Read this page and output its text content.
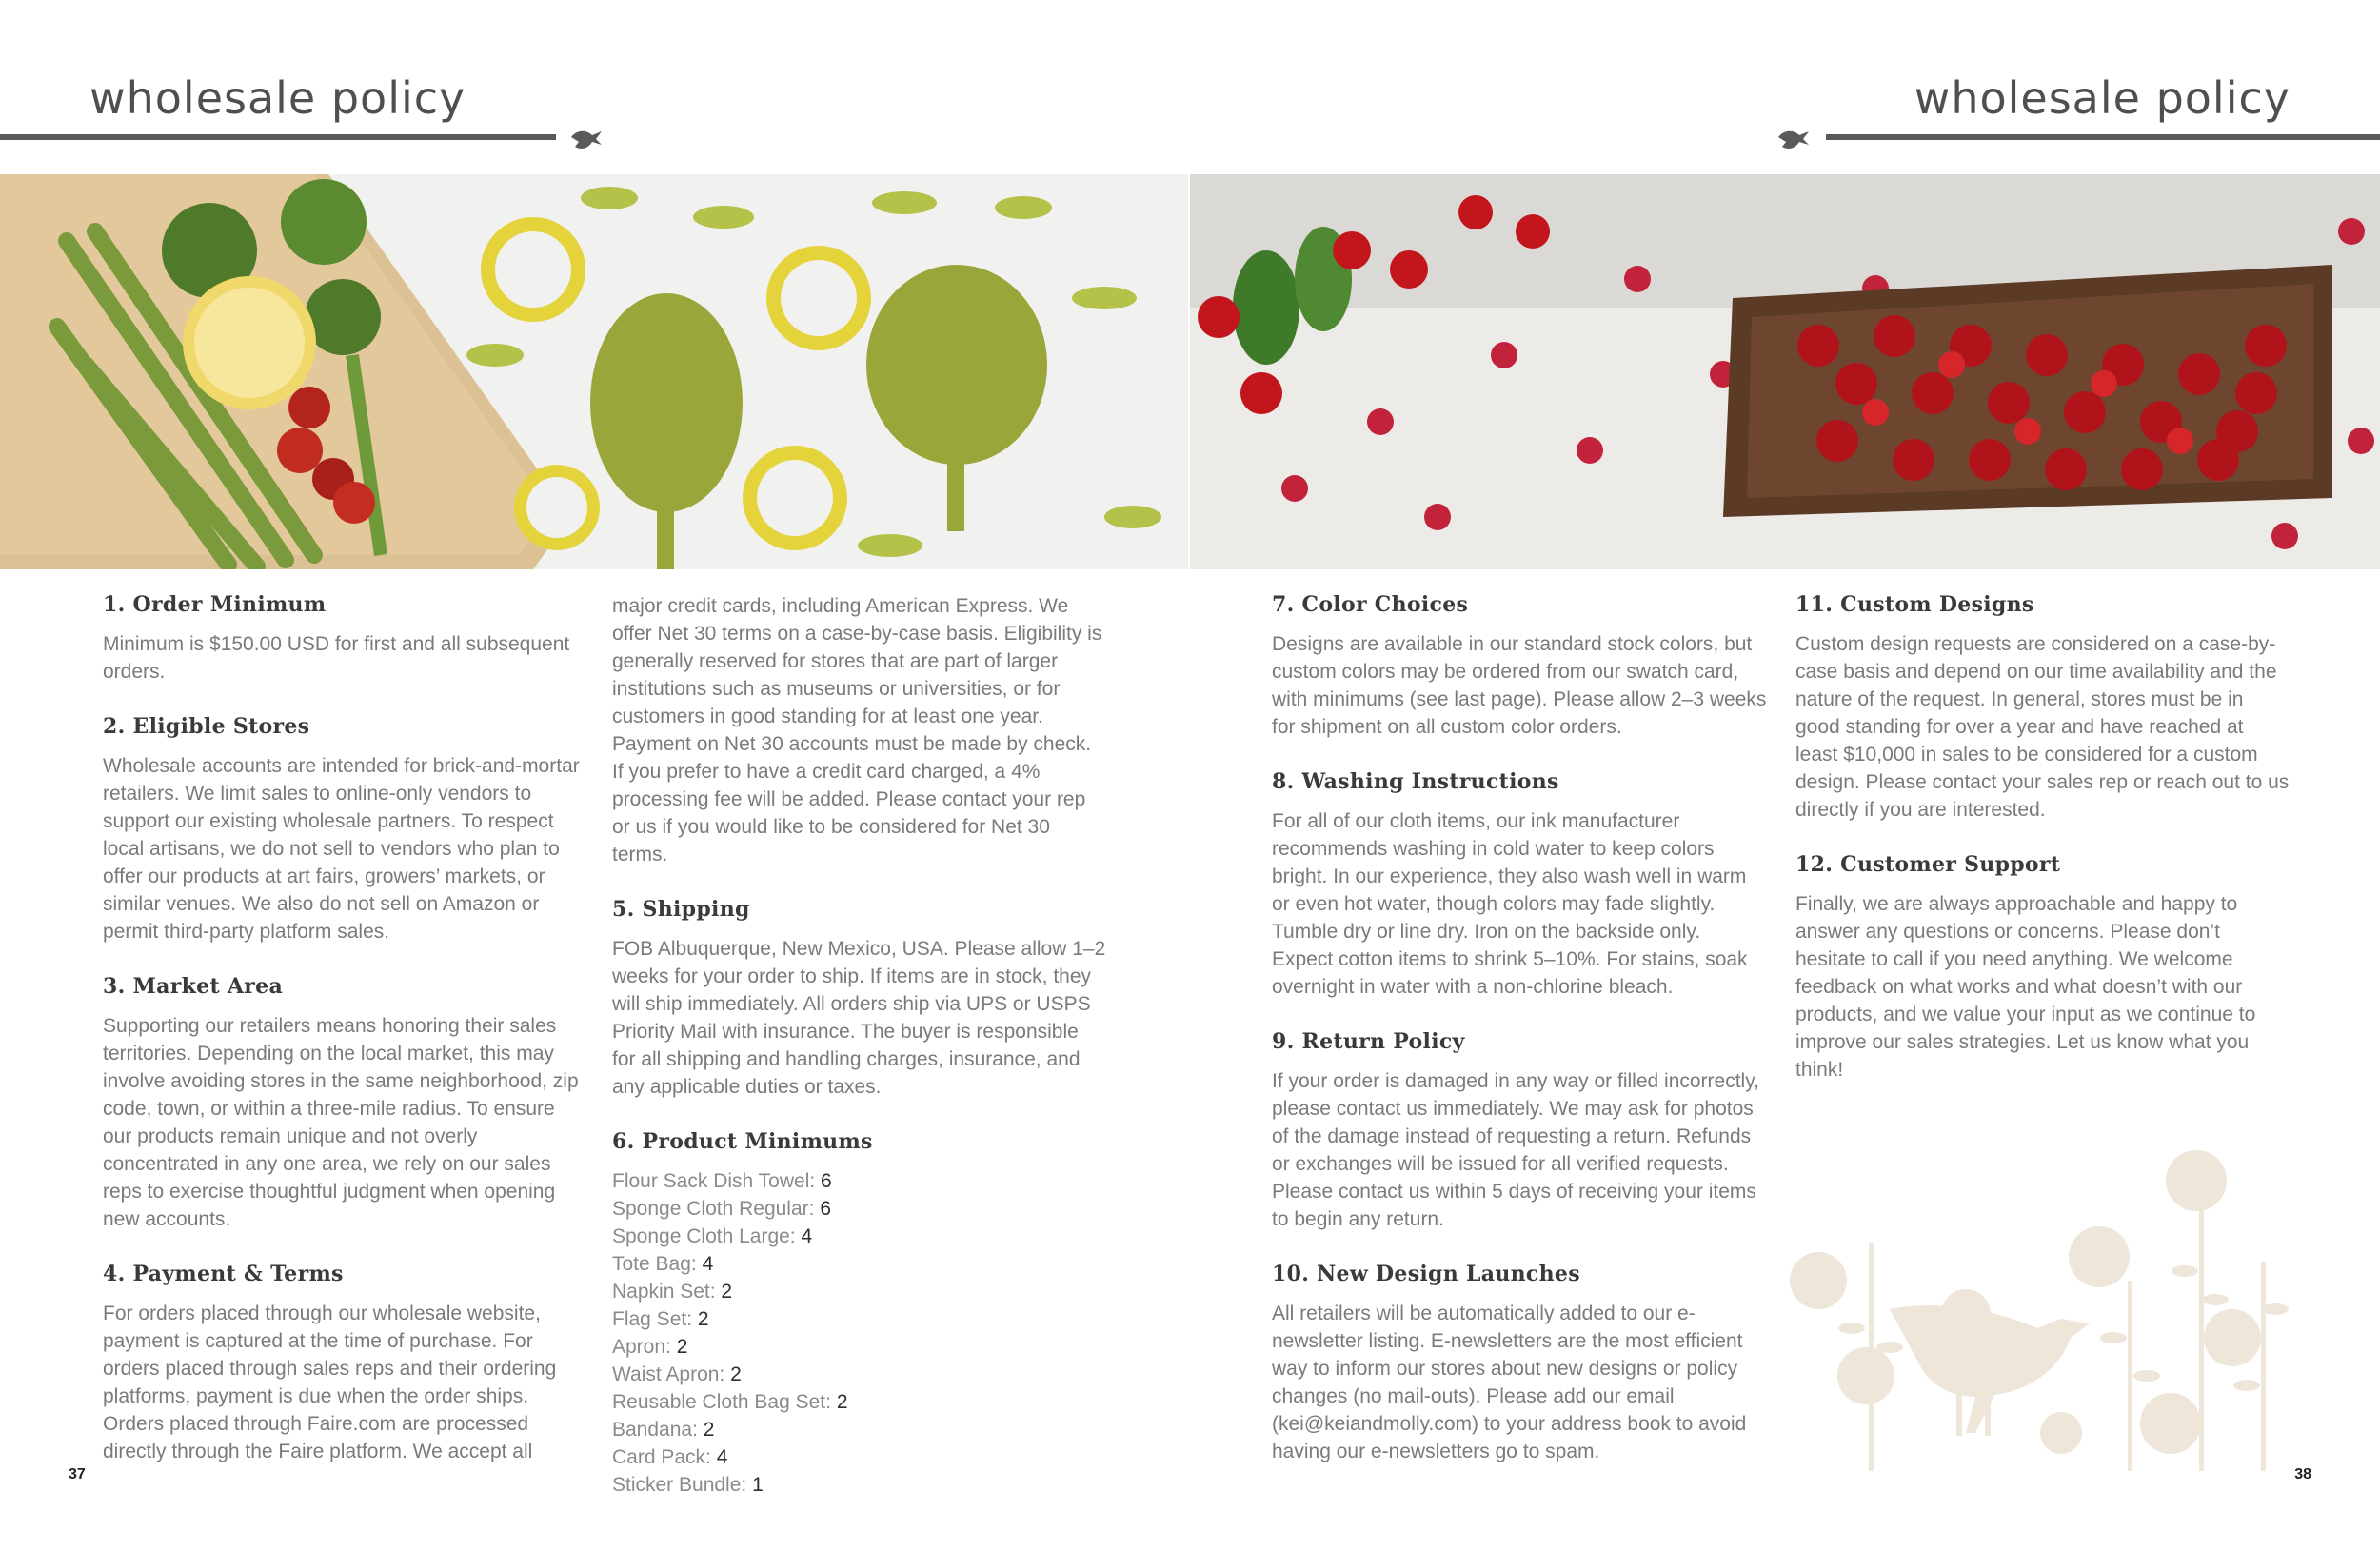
wholesale policy
1. Order Minimum

Minimum is $150.00 USD for first and all subsequent orders.

2. Eligible Stores

Wholesale accounts are intended for brick-and-mortar retailers. We limit sales to online-only vendors to support our existing wholesale partners. To respect local artisans, we do not sell to vendors who plan to offer our products at art fairs, growers’ markets, or similar venues. We also do not sell on Amazon or permit third-party platform sales.

3. Market Area

Supporting our retailers means honoring their sales territories. Depending on the local market, this may involve avoiding stores in the same neighborhood, zip code, town, or within a three-mile radius. To ensure our products remain unique and not overly concentrated in any one area, we rely on our sales reps to exercise thoughtful judgment when opening new accounts.

4. Payment & Terms

For orders placed through our wholesale website, payment is captured at the time of purchase. For orders placed through sales reps and their ordering platforms, payment is due when the order ships. Orders placed through Faire.com are processed directly through the Faire platform. We accept all

major credit cards, including American Express. We offer Net 30 terms on a case-by-case basis. Eligibility is generally reserved for stores that are part of larger institutions such as museums or universities, or for customers in good standing for at least one year. Payment on Net 30 accounts must be made by check. If you prefer to have a credit card charged, a 4% processing fee will be added. Please contact your rep or us if you would like to be considered for Net 30 terms.

5. Shipping

FOB Albuquerque, New Mexico, USA. Please allow 1–2 weeks for your order to ship. If items are in stock, they will ship immediately. All orders ship via UPS or USPS Priority Mail with insurance. The buyer is responsible for all shipping and handling charges, insurance, and any applicable duties or taxes.

6. Product Minimums
Flour Sack Dish Towel: 6
Sponge Cloth Regular: 6
Sponge Cloth Large: 4
Tote Bag: 4
Napkin Set: 2
Flag Set: 2
Apron: 2
Waist Apron: 2
Reusable Cloth Bag Set: 2
Bandana: 2
Card Pack: 4
Sticker Bundle: 1
37
wholesale policy
7. Color Choices

Designs are available in our standard stock colors, but custom colors may be ordered from our swatch card, with minimums (see last page). Please allow 2–3 weeks for shipment on all custom color orders.

8. Washing Instructions

For all of our cloth items, our ink manufacturer recommends washing in cold water to keep colors bright. In our experience, they also wash well in warm or even hot water, though colors may fade slightly. Tumble dry or line dry. Iron on the backside only. Expect cotton items to shrink 5–10%. For stains, soak overnight in water with a non-chlorine bleach.

9. Return Policy

If your order is damaged in any way or filled incorrectly, please contact us immediately. We may ask for photos of the damage instead of requesting a return. Refunds or exchanges will be issued for all verified requests. Please contact us within 5 days of receiving your items to begin any return.

10. New Design Launches

All retailers will be automatically added to our e-newsletter listing. E-newsletters are the most efficient way to inform our stores about new designs or policy changes (no mail-outs). Please add our email (kei@keiandmolly.com) to your address book to avoid having our e-newsletters go to spam.

11. Custom Designs

Custom design requests are considered on a case-by-case basis and depend on our time availability and the nature of the request. In general, stores must be in good standing for over a year and have reached at least $10,000 in sales to be considered for a custom design. Please contact your sales rep or reach out to us directly if you are interested.

12. Customer Support

Finally, we are always approachable and happy to answer any questions or concerns. Please don’t hesitate to call if you need anything. We welcome feedback on what works and what doesn’t with our products, and we value your input as we continue to improve our sales strategies. Let us know what you think!

38
